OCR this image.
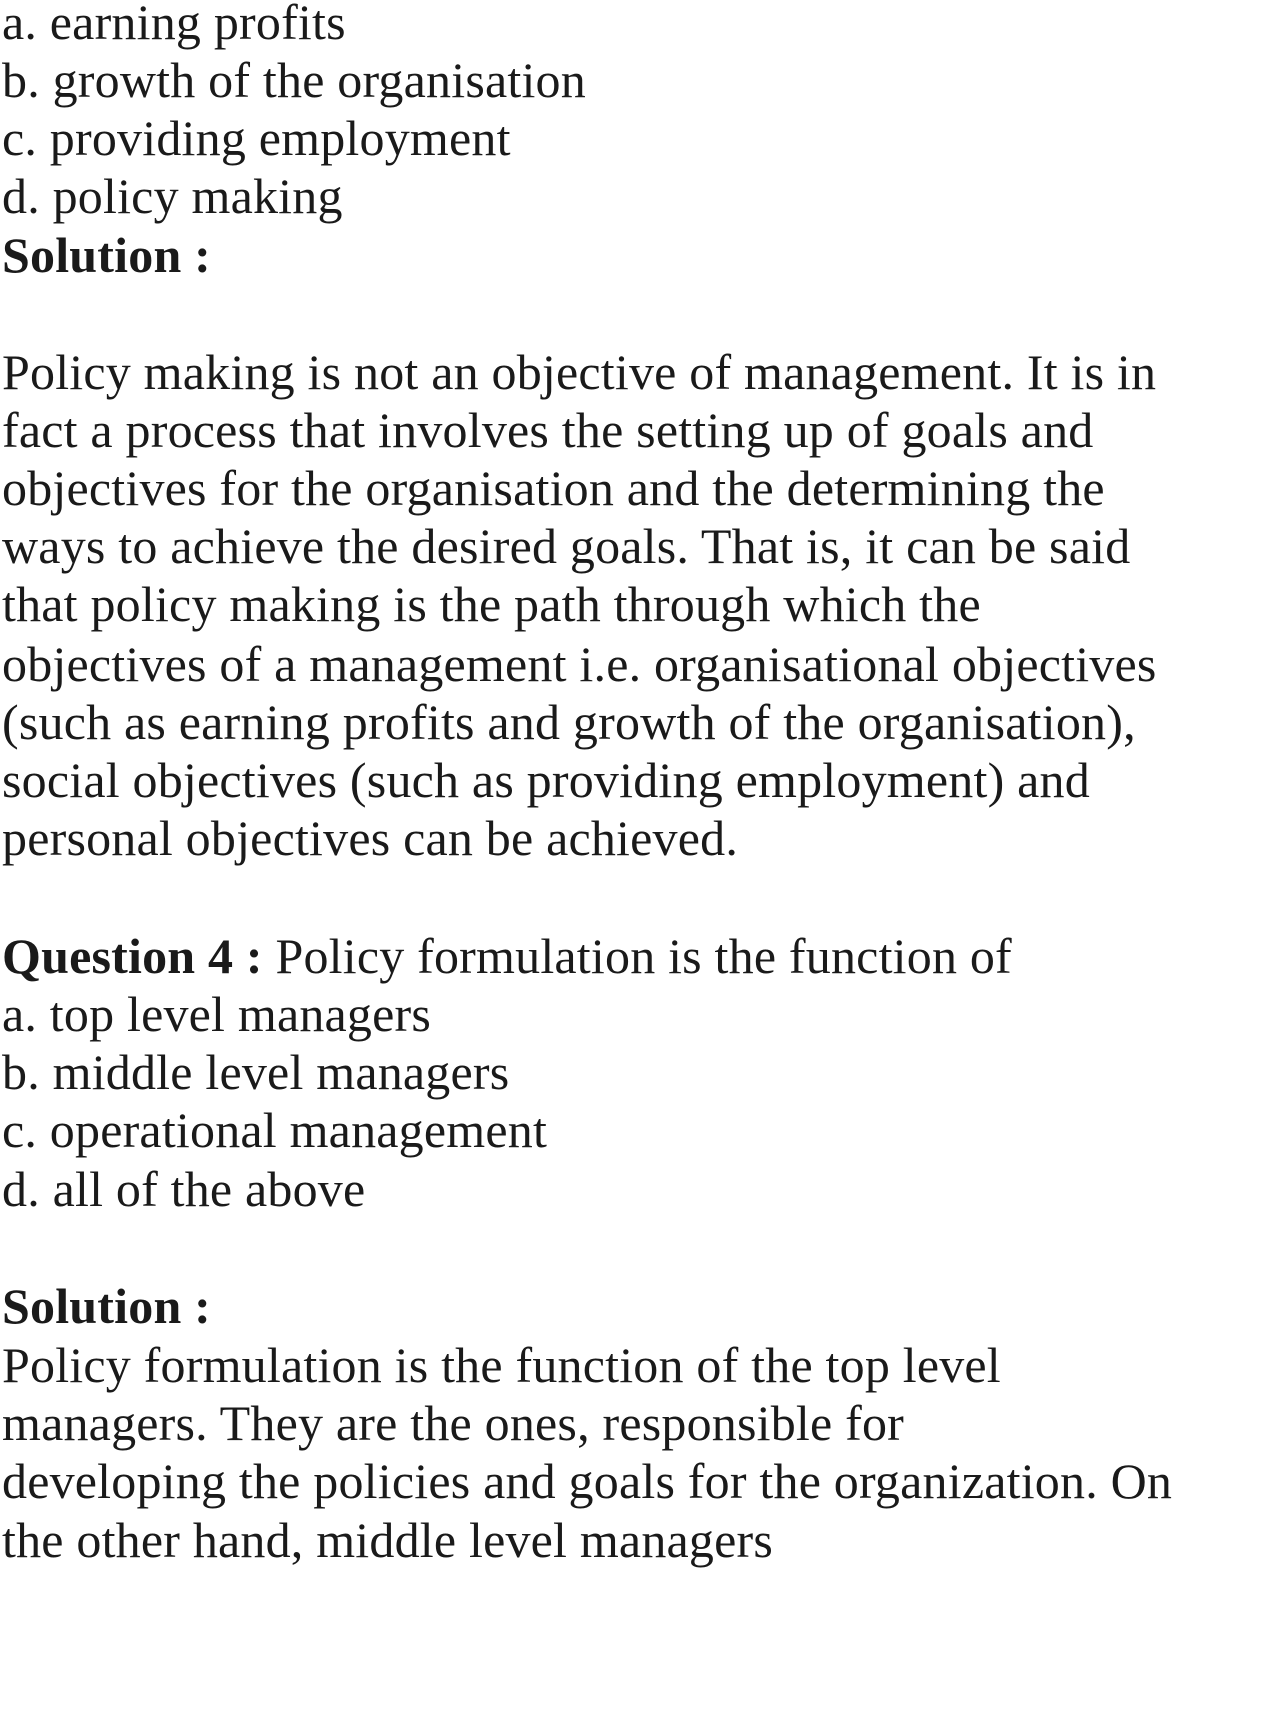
a. earning profits
b. growth of the organisation
c. providing employment
d. policy making
Solution :
Policy making is not an objective of management. It is in
fact a process that involves the setting up of goals and
objectives for the organisation and the determining the
ways to achieve the desired goals. That is, it can be said
that policy making is the path through which the
objectives of a management i.e. organisational objectives
(such as earning profits and growth of the organisation),
social objectives (such as providing employment) and
personal objectives can be achieved.
Question 4 : Policy formulation is the function of
a. top level managers
b. middle level managers
c. operational management
d. all of the above
Solution :
Policy formulation is the function of the top level
managers. They are the ones, responsible for
developing the policies and goals for the organization. On
the other hand, middle level managers
